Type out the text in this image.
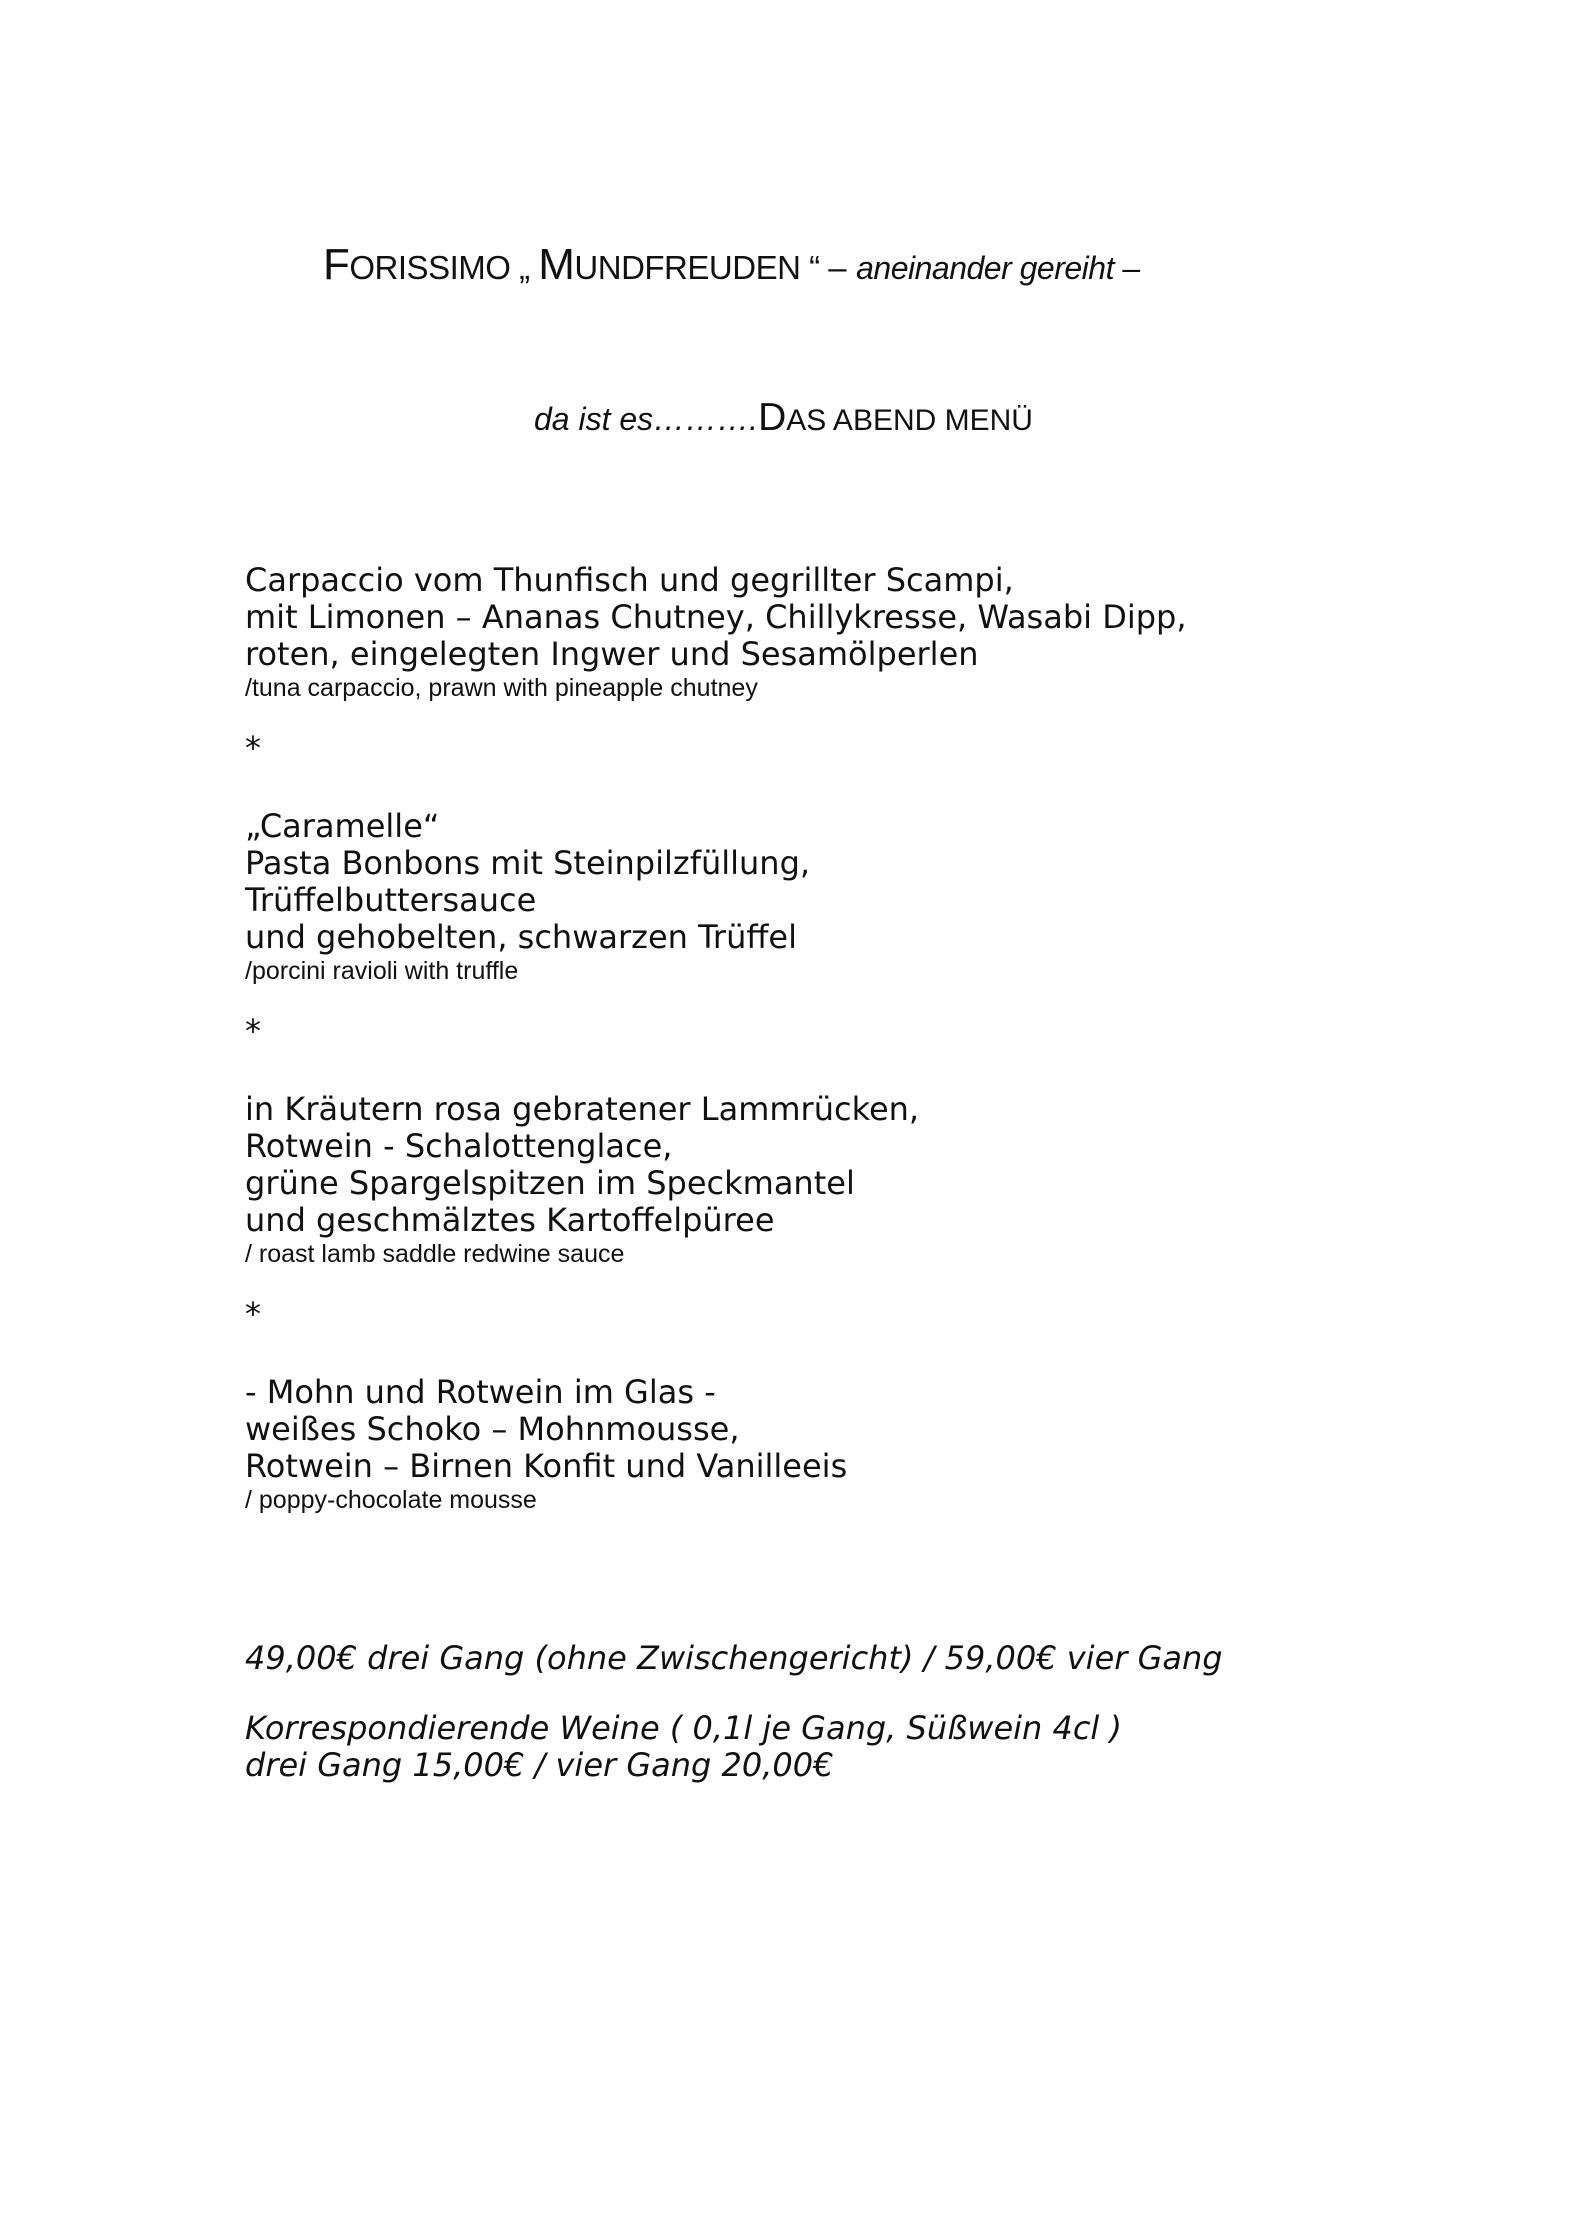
FORISSIMO „ MUNDFREUDEN “ – aneinander gereiht –
da ist es……….DAS ABEND MENÜ
Carpaccio vom Thunfisch und gegrillter Scampi,
mit Limonen – Ananas Chutney, Chillykresse, Wasabi Dipp,
roten, eingelegten Ingwer und Sesamölperlen
/tuna carpaccio, prawn with pineapple chutney
*
„Caramelle“
Pasta Bonbons mit Steinpilzfüllung,
Trüffelbuttersauce
und gehobelten, schwarzen Trüffel
/porcini ravioli with truffle
*
in Kräutern rosa gebratener Lammrücken,
Rotwein - Schalottenglace,
grüne Spargelspitzen im Speckmantel
und geschmälztes Kartoffelpüree
/ roast lamb saddle redwine sauce
*
- Mohn und Rotwein im Glas -
weißes Schoko – Mohnmousse,
Rotwein – Birnen Konfit und Vanilleeis
/ poppy-chocolate mousse
49,00€ drei Gang (ohne Zwischengericht) / 59,00€ vier Gang
Korrespondierende Weine ( 0,1l je Gang, Süßwein 4cl )
drei Gang 15,00€ / vier Gang 20,00€
